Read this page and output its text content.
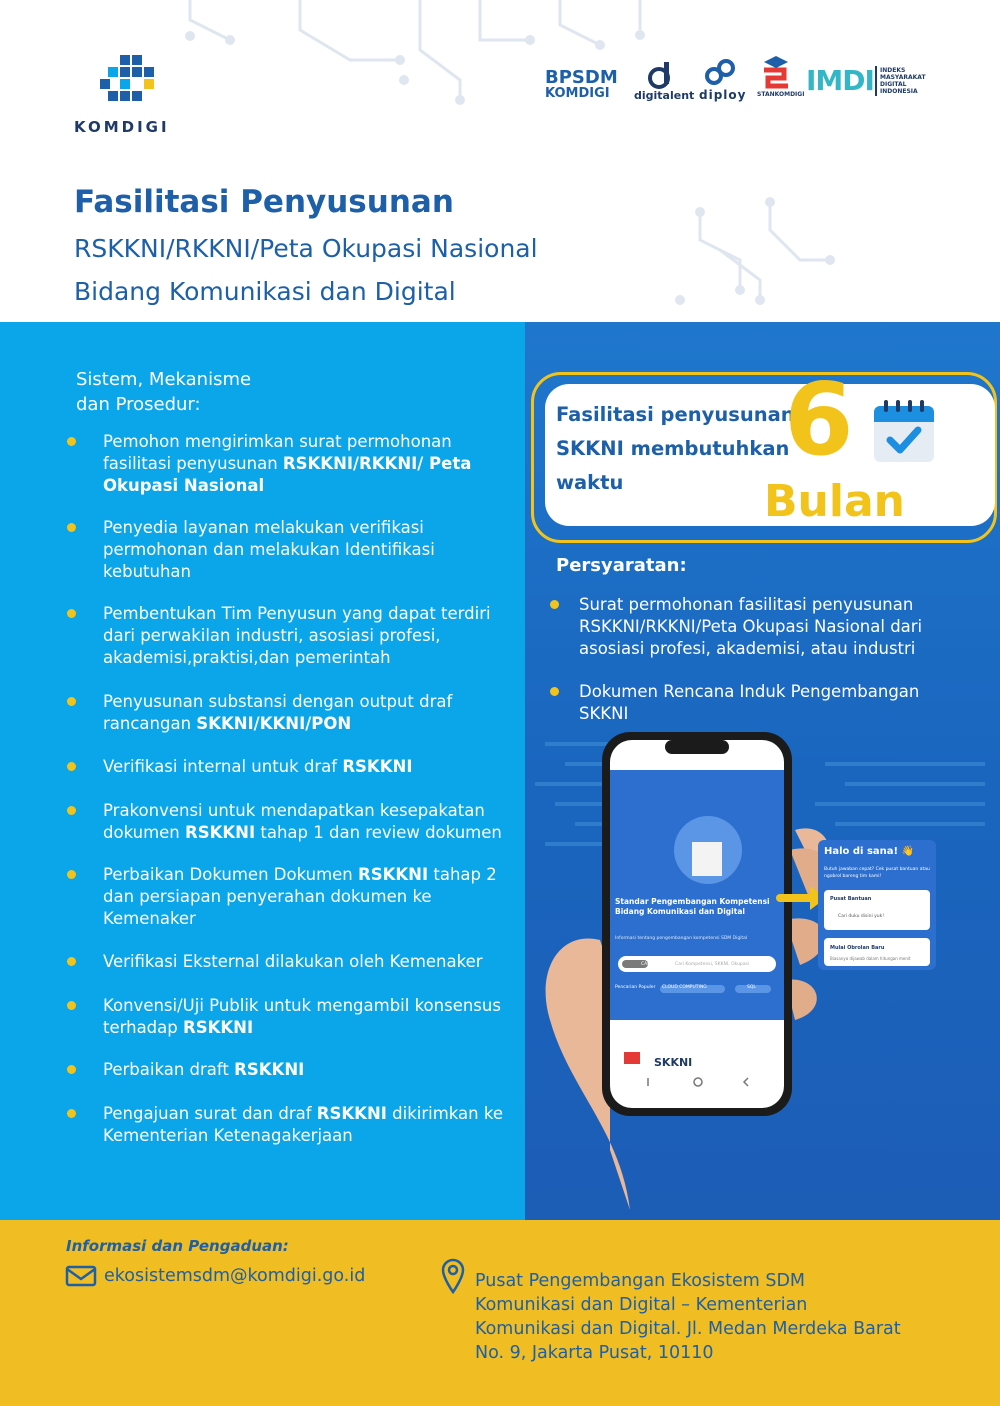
KOMDIGI
BPSDM
KOMDIGI digitalent diploy STANKOMDIGI IMDI INDEKS
MASYARAKAT
DIGITAL
INDONESIA
Fasilitasi Penyusunan
RSKKNI/RKKNI/Peta Okupasi Nasional
Bidang Komunikasi dan Digital
Sistem, Mekanisme
dan Prosedur:
Pemohon mengirimkan surat permohonan fasilitasi penyusunan RSKKNI/RKKNI/ Peta Okupasi Nasional
Penyedia layanan melakukan verifikasi permohonan dan melakukan Identifikasi kebutuhan
Pembentukan Tim Penyusun yang dapat terdiri dari perwakilan industri, asosiasi profesi, akademisi,praktisi,dan pemerintah
Penyusunan substansi dengan output draf rancangan SKKNI/KKNI/PON
Verifikasi internal untuk draf RSKKNI
Prakonvensi untuk mendapatkan kesepakatan dokumen RSKKNI tahap 1 dan review dokumen
Perbaikan Dokumen Dokumen RSKKNI tahap 2 dan persiapan penyerahan dokumen ke Kemenaker
Verifikasi Eksternal dilakukan oleh Kemenaker
Konvensi/Uji Publik untuk mengambil konsensus terhadap RSKKNI
Perbaikan draft RSKKNI
Pengajuan surat dan draf RSKKNI dikirimkan ke Kementerian Ketenagakerjaan
Fasilitasi penyusunan
SKKNI membutuhkan
waktu
6
Bulan
Persyaratan:
Surat permohonan fasilitasi penyusunan RSKKNI/RKKNI/Peta Okupasi Nasional dari asosiasi profesi, akademisi, atau industri
Dokumen Rencana Induk Pengembangan SKKNI
Standar Pengembangan Kompetensi Bidang Komunikasi dan Digital
Informasi tentang pengembangan kompetensi SDM Digital
CARI	Cari Kompetensi, SKKNI, Okupasi
Pencarian Populer CLOUD COMPUTING	SQL
SKKNI
Halo di sana! 👋
Butuh jawaban cepat? Cek pusat bantuan atau ngobrol bareng tim kami!
Pusat Bantuan
Cari duku disini yuk!
Mulai Obrolan Baru
Biasanya dijawab dalam hitungan menit
Informasi dan Pengaduan:
ekosistemsdm@komdigi.go.id	Pusat Pengembangan Ekosistem SDM
Komunikasi dan Digital – Kementerian
Komunikasi dan Digital. Jl. Medan Merdeka Barat
No. 9, Jakarta Pusat, 10110
